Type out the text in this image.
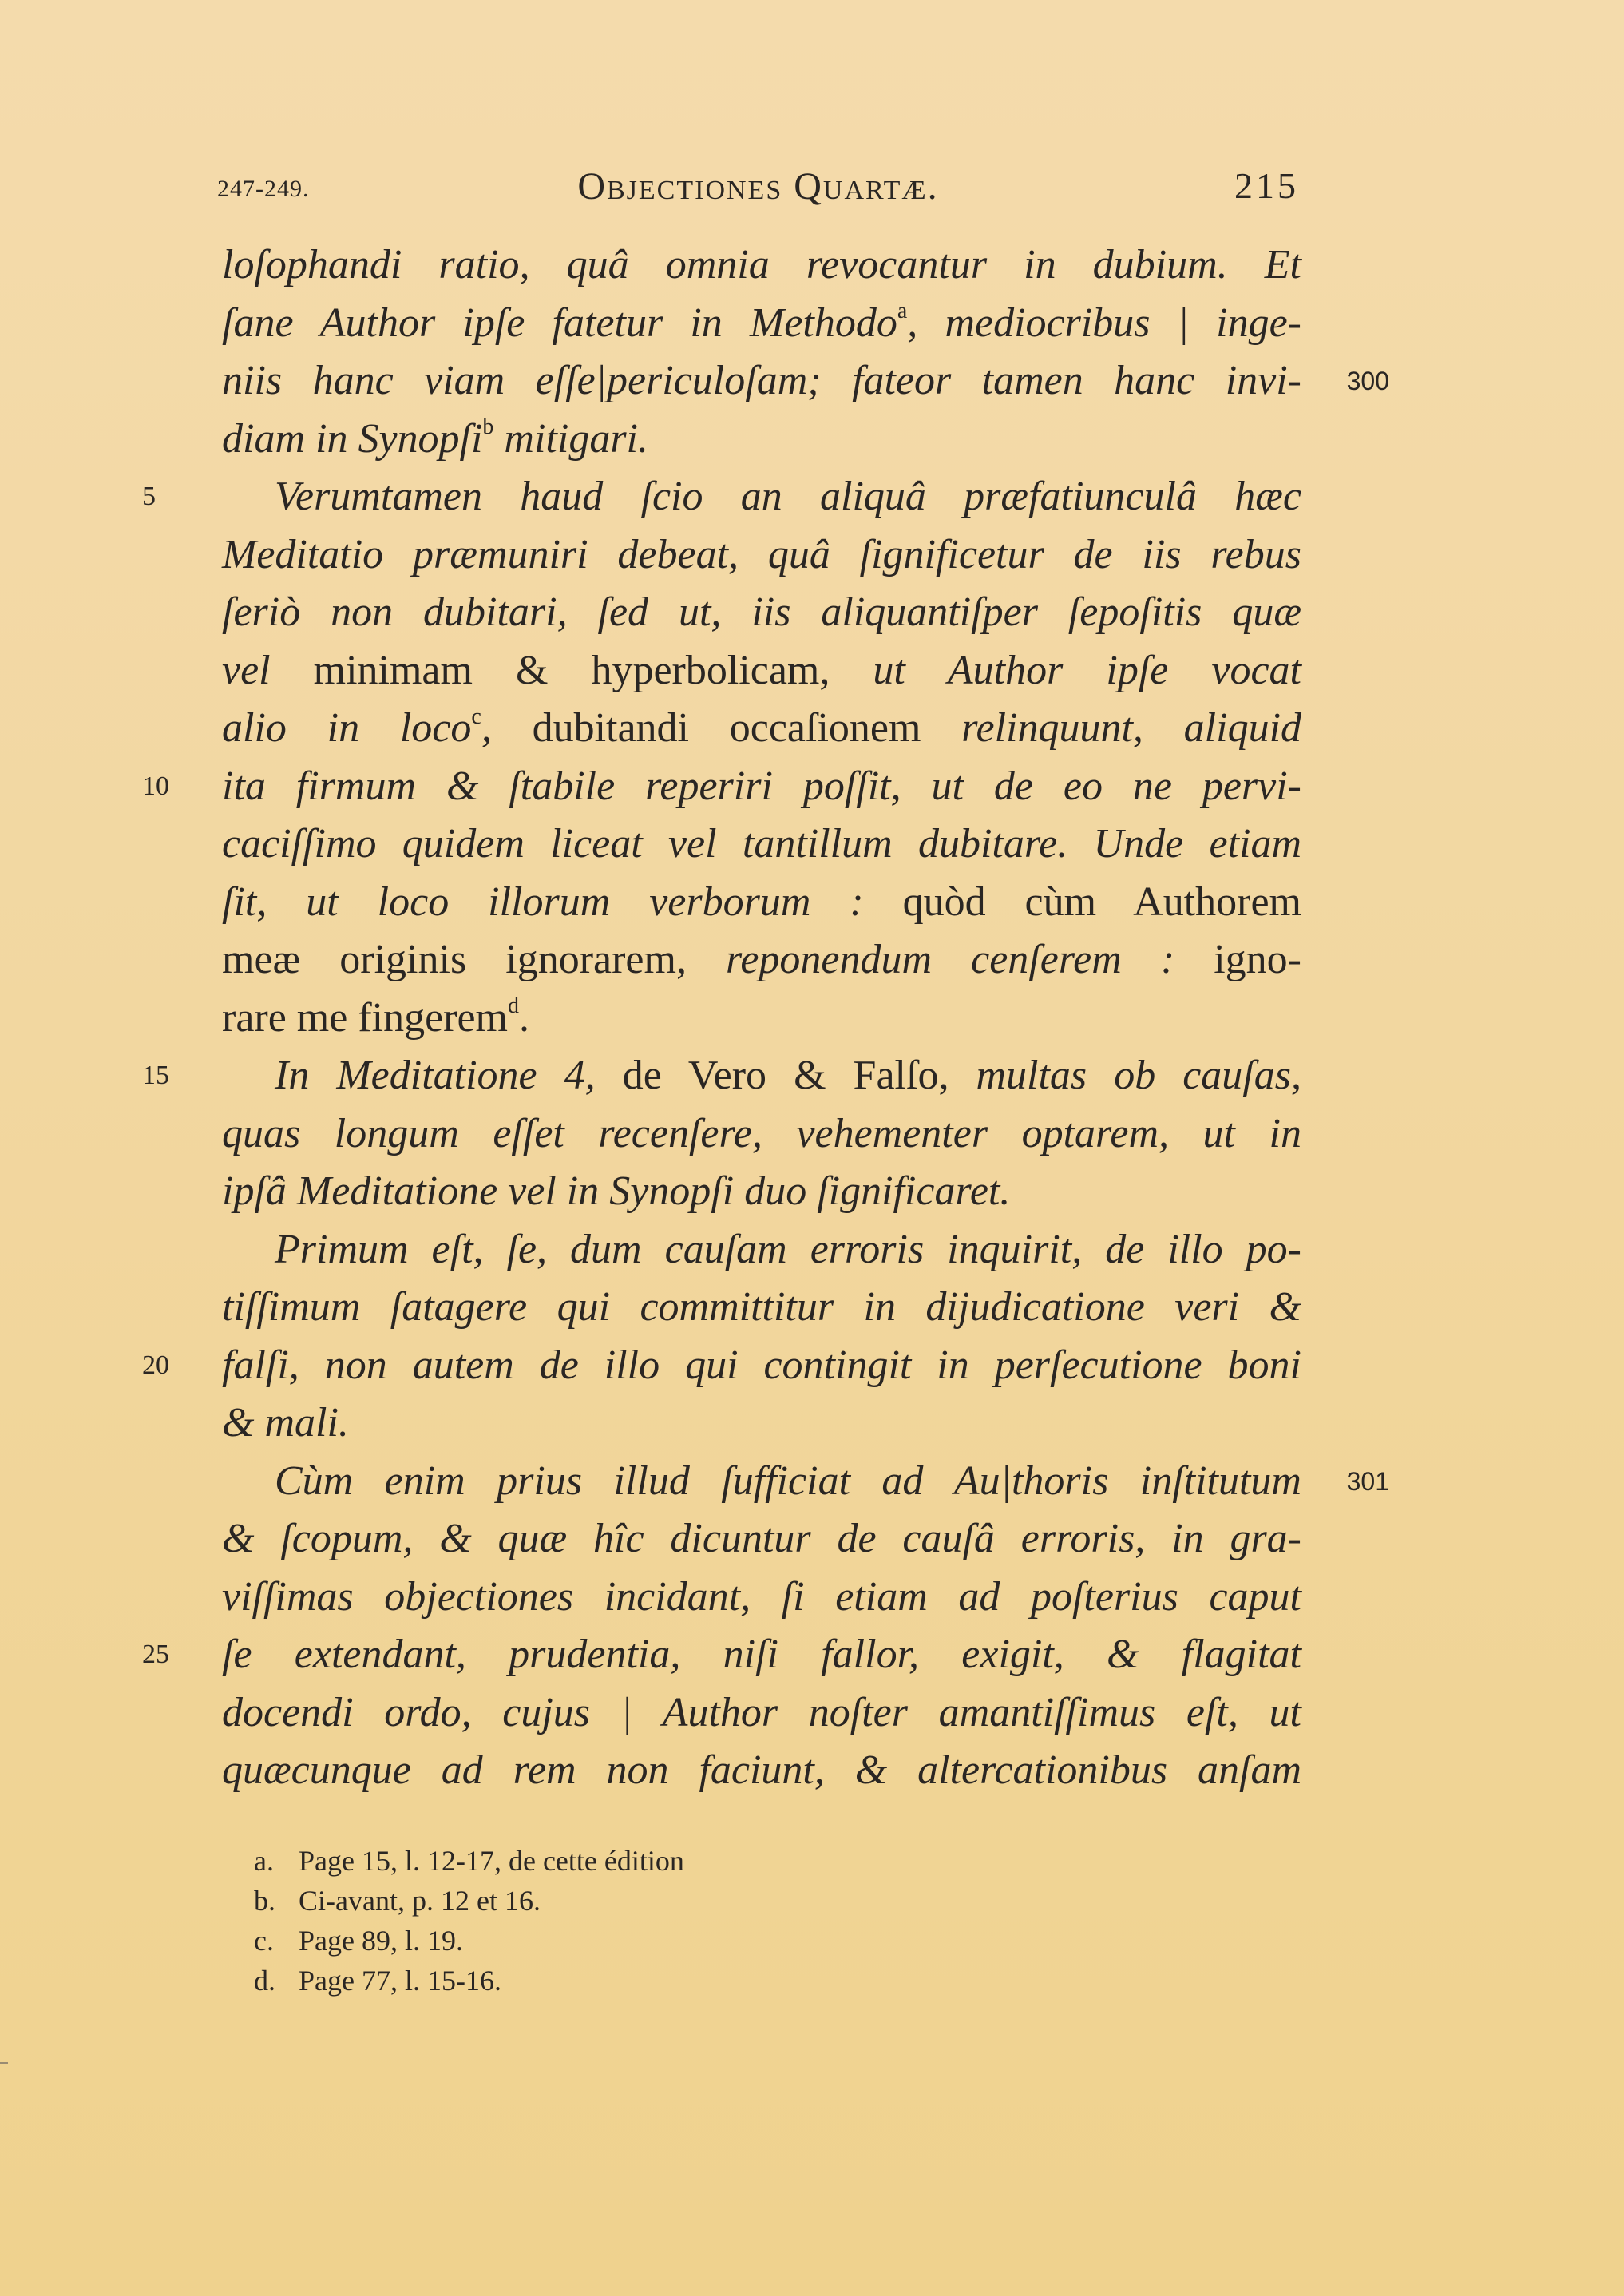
247-249.	Objectiones Quartæ.	215
loſophandi ratio, quâ omnia revocantur in dubium. Et
ſane Author ipſe fatetur in Methodo$^a$, mediocribus | inge-
niis hanc viam eſſe|periculoſam; fateor tamen hanc invi- 300
diam in Synopſi$^b$ mitigari.
5	Verumtamen haud ſcio an aliquâ præfatiunculâ hæc
Meditatio præmuniri debeat, quâ ſignificetur de iis rebus
ſeriò non dubitari, ſed ut, iis aliquantiſper ſepoſitis quæ
vel minimam & hyperbolicam, ut Author ipſe vocat
alio in loco$^c$, dubitandi occaſionem relinquunt, aliquid
10 ita firmum & ſtabile reperiri poſſit, ut de eo ne pervi-
caciſſimo quidem liceat vel tantillum dubitare. Unde etiam
ſit, ut loco illorum verborum : quòd cùm Authorem
meæ originis ignorarem, reponendum cenſerem : igno-
rare me fingerem$^d$.
15	In Meditatione 4, de Vero & Falſo, multas ob cauſas,
quas longum eſſet recenſere, vehementer optarem, ut in
ipſâ Meditatione vel in Synopſi duo ſignificaret.
Primum eſt, ſe, dum cauſam erroris inquirit, de illo po-
tiſſimum ſatagere qui committitur in dijudicatione veri &
20 falſi, non autem de illo qui contingit in perſecutione boni
& mali.
Cùm enim prius illud ſufficiat ad Au|thoris inſtitutum 301
& ſcopum, & quæ hîc dicuntur de cauſâ erroris, in gra-
viſſimas objectiones incidant, ſi etiam ad poſterius caput
25 ſe extendant, prudentia, niſi fallor, exigit, & flagitat
docendi ordo, cujus | Author noſter amantiſſimus eſt, ut
quæcunque ad rem non faciunt, & altercationibus anſam
a. Page 15, l. 12-17, de cette édition
b. Ci-avant, p. 12 et 16.
c. Page 89, l. 19.
d. Page 77, l. 15-16.
